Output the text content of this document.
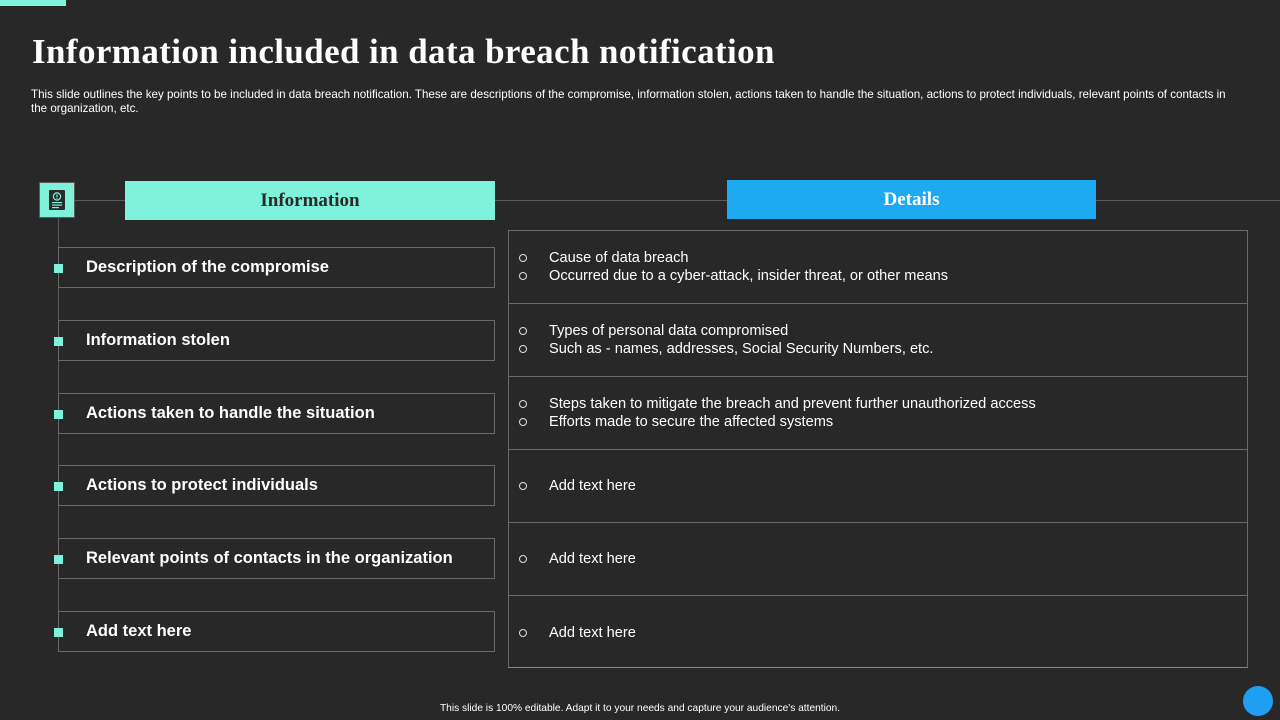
Information included in data breach notification

This slide outlines the key points to be included in data breach notification. These are descriptions of the compromise, information stolen, actions taken to handle the situation, actions to protect individuals, relevant points of contacts in the organization, etc.

Information	Details
Description of the compromise
Information stolen
Actions taken to handle the situation
Actions to protect individuals
Relevant points of contacts in the organization
Add text here
Cause of data breach
Occurred due to a cyber-attack, insider threat, or other means
Types of personal data compromised
Such as - names, addresses, Social Security Numbers, etc.
Steps taken to mitigate the breach and prevent further unauthorized access
Efforts made to secure the affected systems
Add text here
Add text here
Add text here
This slide is 100% editable. Adapt it to your needs and capture your audience's attention.
